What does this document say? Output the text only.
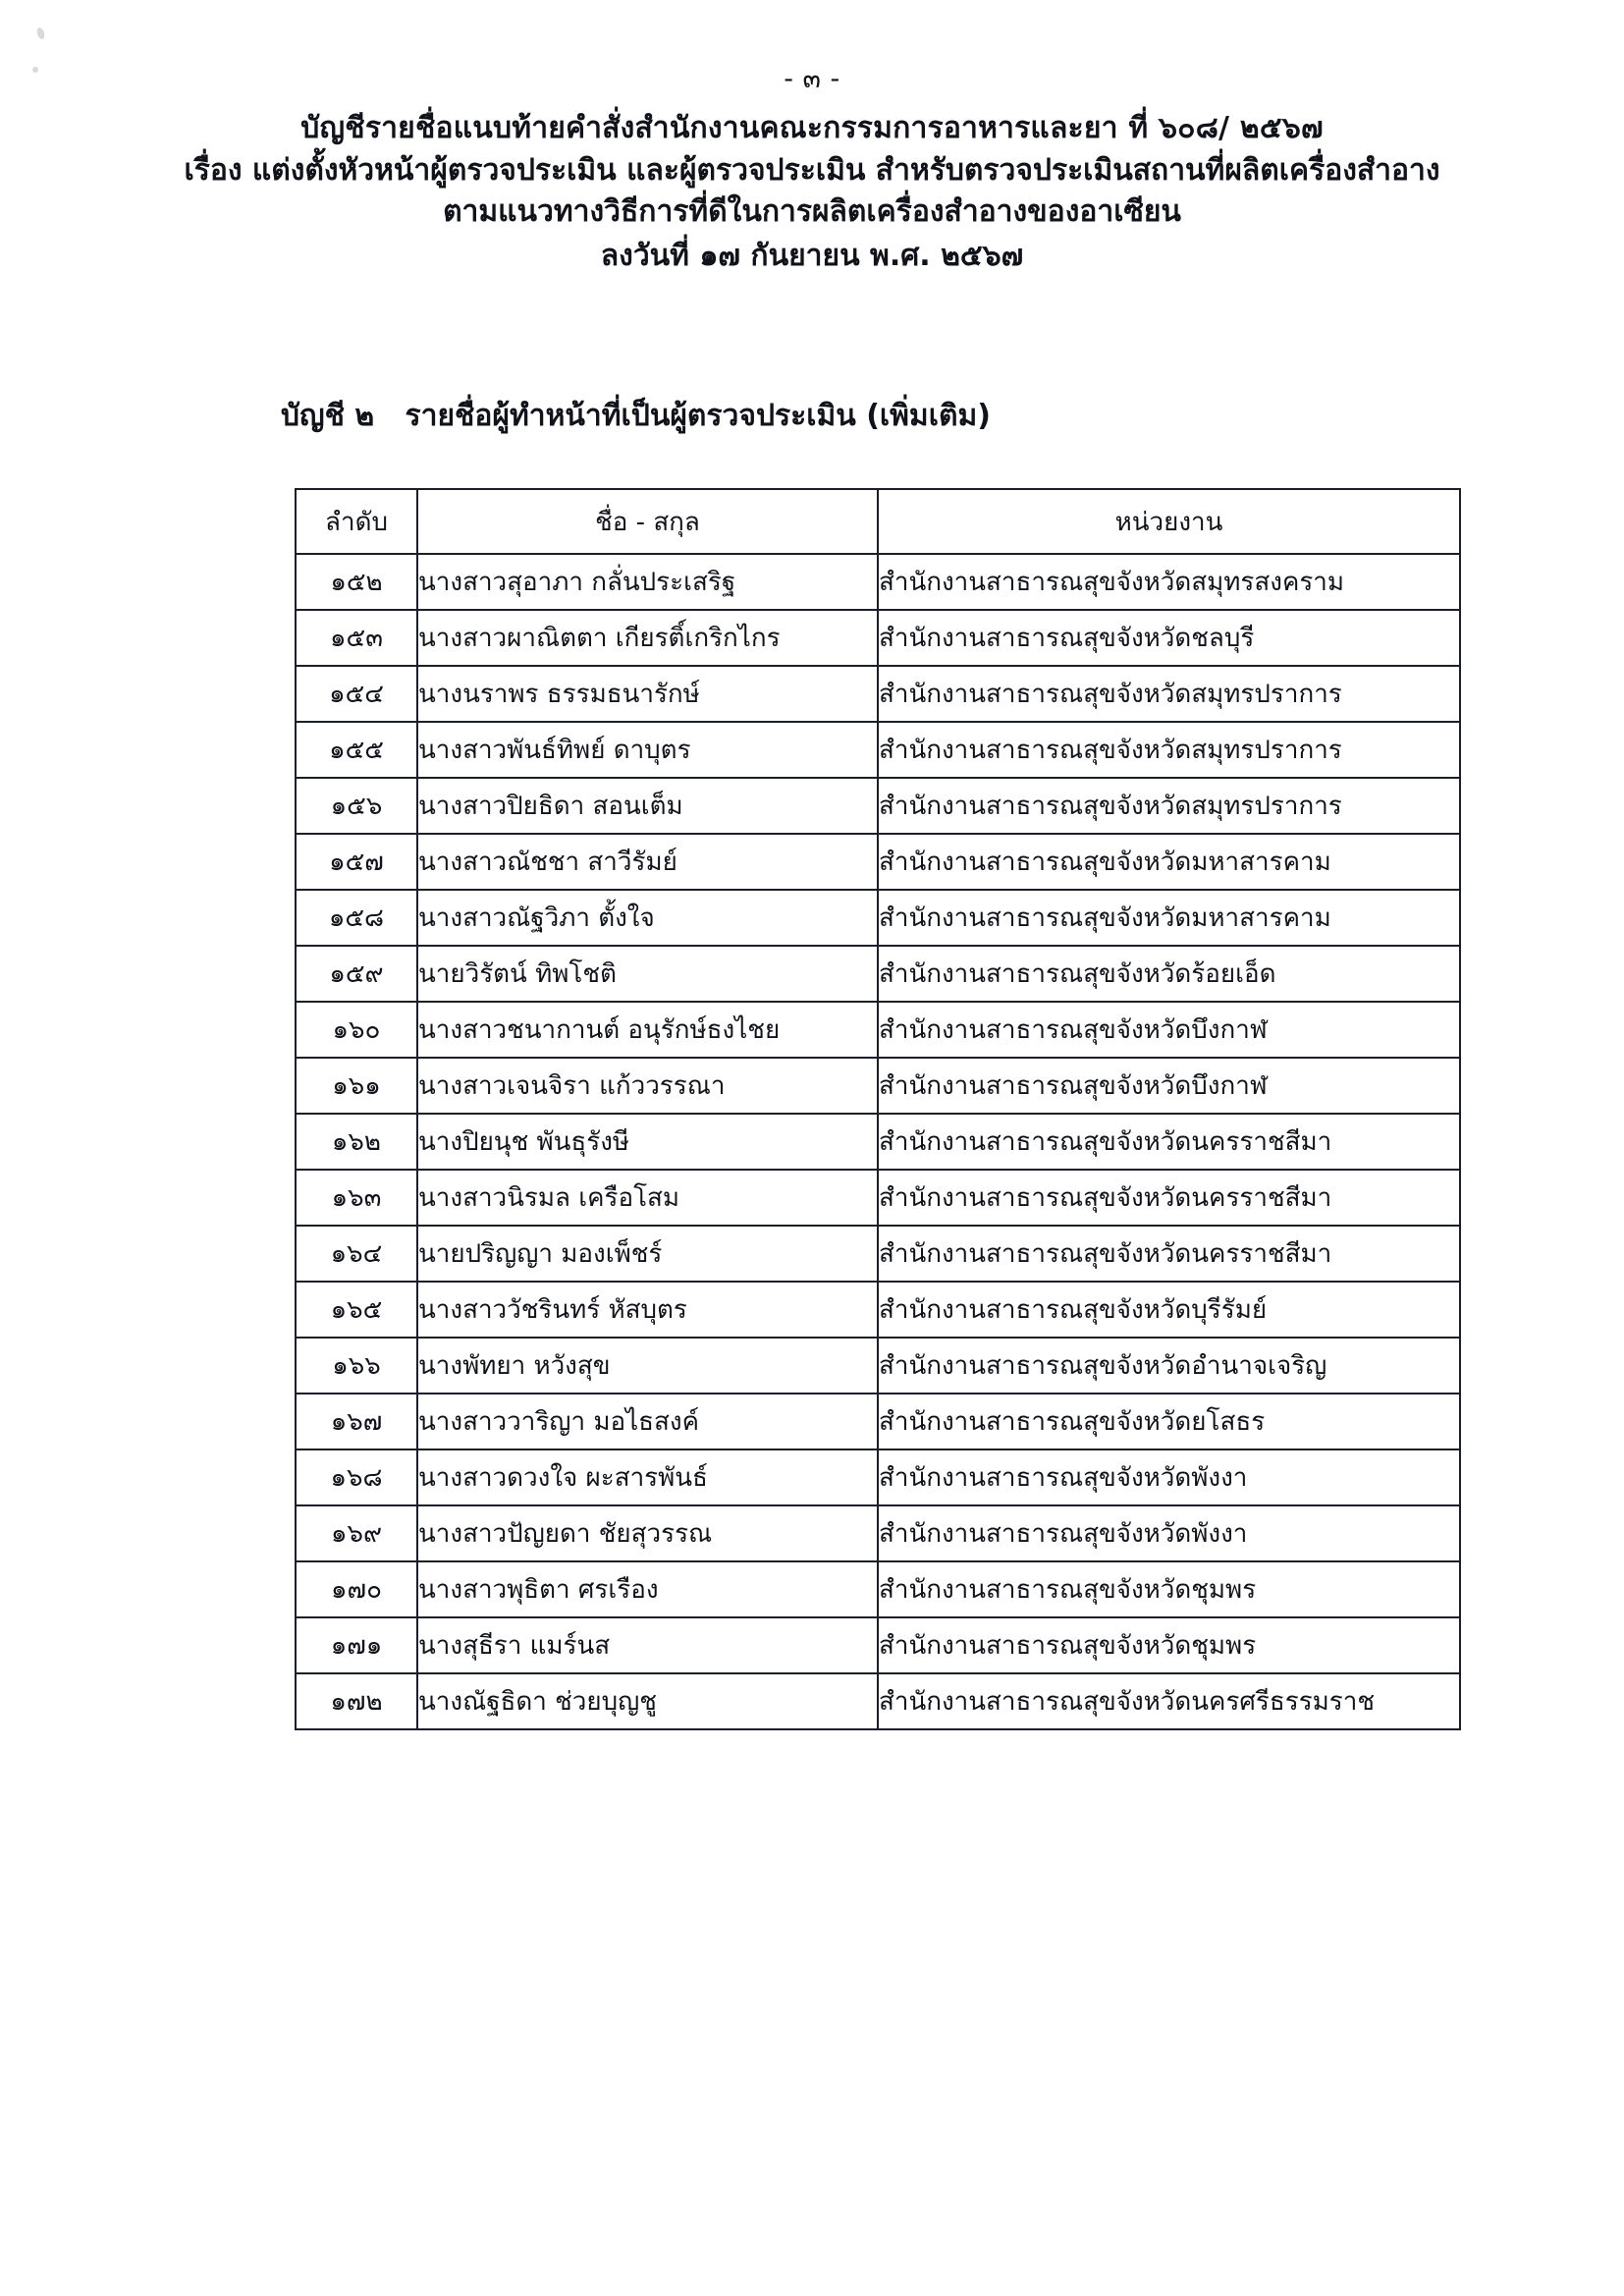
- ๓ -
บัญชีรายชื่อแนบท้ายคำสั่งสำนักงานคณะกรรมการอาหารและยา ที่ ๖๐๘/ ๒๕๖๗
เรื่อง แต่งตั้งหัวหน้าผู้ตรวจประเมิน และผู้ตรวจประเมิน สำหรับตรวจประเมินสถานที่ผลิตเครื่องสำอาง
ตามแนวทางวิธีการที่ดีในการผลิตเครื่องสำอางของอาเซียน
ลงวันที่ ๑๗ กันยายน พ.ศ. ๒๕๖๗
บัญชี ๒   รายชื่อผู้ทำหน้าที่เป็นผู้ตรวจประเมิน (เพิ่มเติม)
ลำดับ	ชื่อ - สกุล	หน่วยงาน
๑๕๒	นางสาวสุอาภา กลั่นประเสริฐ	สำนักงานสาธารณสุขจังหวัดสมุทรสงคราม
๑๕๓	นางสาวผาณิตตา เกียรติ์เกริกไกร	สำนักงานสาธารณสุขจังหวัดชลบุรี
๑๕๔	นางนราพร ธรรมธนารักษ์	สำนักงานสาธารณสุขจังหวัดสมุทรปราการ
๑๕๕	นางสาวพันธ์ทิพย์ ดาบุตร	สำนักงานสาธารณสุขจังหวัดสมุทรปราการ
๑๕๖	นางสาวปิยธิดา สอนเต็ม	สำนักงานสาธารณสุขจังหวัดสมุทรปราการ
๑๕๗	นางสาวณัชชา สาวีรัมย์	สำนักงานสาธารณสุขจังหวัดมหาสารคาม
๑๕๘	นางสาวณัฐวิภา ตั้งใจ	สำนักงานสาธารณสุขจังหวัดมหาสารคาม
๑๕๙	นายวิรัตน์ ทิพโชติ	สำนักงานสาธารณสุขจังหวัดร้อยเอ็ด
๑๖๐	นางสาวชนากานต์ อนุรักษ์ธงไชย	สำนักงานสาธารณสุขจังหวัดบึงกาฬ
๑๖๑	นางสาวเจนจิรา แก้ววรรณา	สำนักงานสาธารณสุขจังหวัดบึงกาฬ
๑๖๒	นางปิยนุช พันธุรังษี	สำนักงานสาธารณสุขจังหวัดนครราชสีมา
๑๖๓	นางสาวนิรมล เครือโสม	สำนักงานสาธารณสุขจังหวัดนครราชสีมา
๑๖๔	นายปริญญา มองเพ็ชร์	สำนักงานสาธารณสุขจังหวัดนครราชสีมา
๑๖๕	นางสาววัชรินทร์ หัสบุตร	สำนักงานสาธารณสุขจังหวัดบุรีรัมย์
๑๖๖	นางพัทยา หวังสุข	สำนักงานสาธารณสุขจังหวัดอำนาจเจริญ
๑๖๗	นางสาววาริญา มอไธสงค์	สำนักงานสาธารณสุขจังหวัดยโสธร
๑๖๘	นางสาวดวงใจ ผะสารพันธ์	สำนักงานสาธารณสุขจังหวัดพังงา
๑๖๙	นางสาวปัญยดา ชัยสุวรรณ	สำนักงานสาธารณสุขจังหวัดพังงา
๑๗๐	นางสาวพุธิตา ศรเรือง	สำนักงานสาธารณสุขจังหวัดชุมพร
๑๗๑	นางสุธีรา แมร์นส	สำนักงานสาธารณสุขจังหวัดชุมพร
๑๗๒	นางณัฐธิดา ช่วยบุญชู	สำนักงานสาธารณสุขจังหวัดนครศรีธรรมราช
